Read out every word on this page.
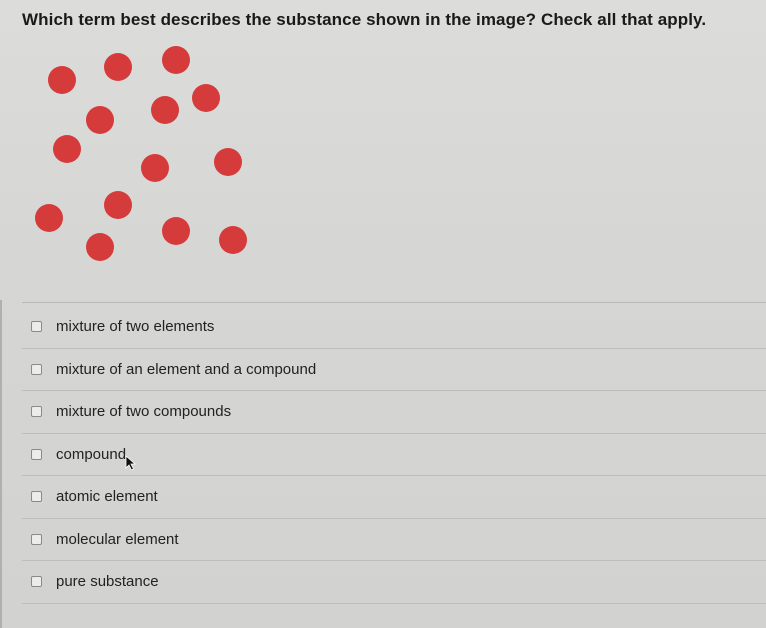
Which term best describes the substance shown in the image? Check all that apply.
mixture of two elements
mixture of an element and a compound
mixture of two compounds
compound
atomic element
molecular element
pure substance
